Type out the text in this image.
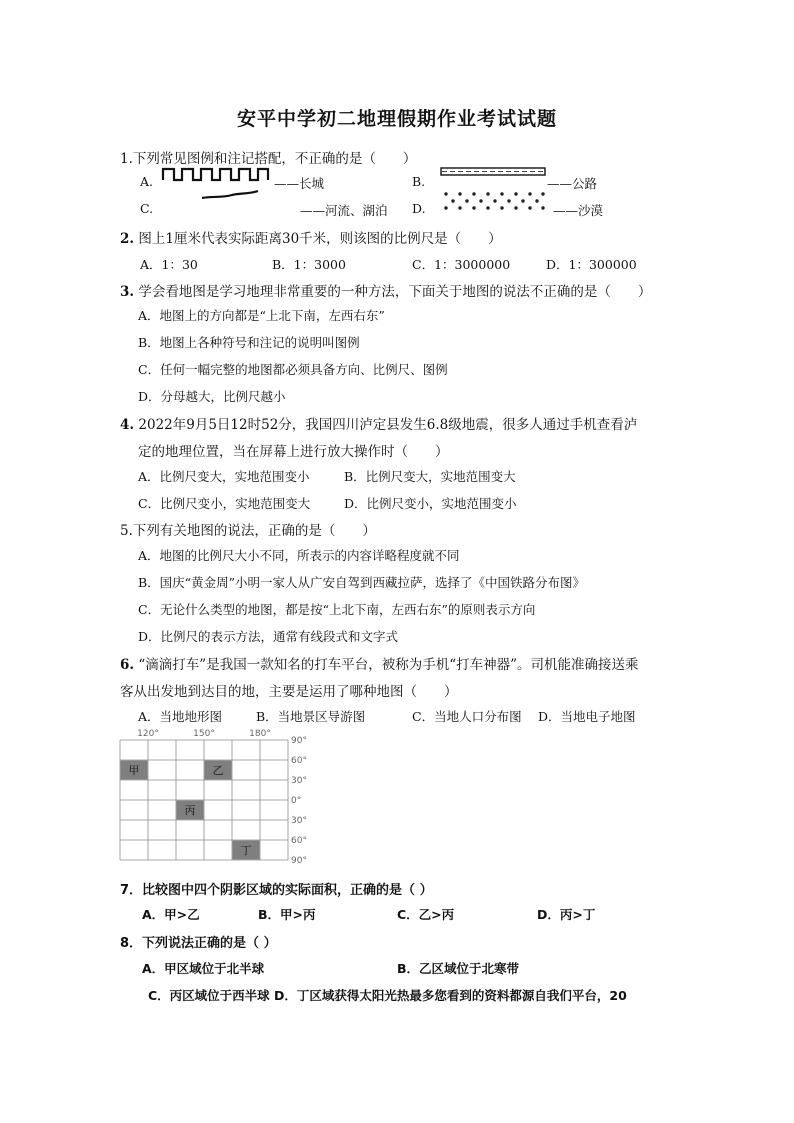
安平中学初二地理假期作业考试试题
1.下列常见图例和注记搭配，不正确的是（　　）
A.	——长城	B.	——公路
C.	——河流、湖泊 D.	——沙漠
2. 图上1厘米代表实际距离30千米，则该图的比例尺是（　　）
A．1：30	B．1：3000	C．1：3000000	D．1：300000
3. 学会看地图是学习地理非常重要的一种方法，下面关于地图的说法不正确的是（　　）
A．地图上的方向都是“上北下南，左西右东”
B．地图上各种符号和注记的说明叫图例
C．任何一幅完整的地图都必须具备方向、比例尺、图例
D．分母越大，比例尺越小
4. 2022年9月5日12时52分，我国四川泸定县发生6.8级地震，很多人通过手机查看泸
定的地理位置，当在屏幕上进行放大操作时（　　）
A．比例尺变大，实地范围变小	B．比例尺变大，实地范围变大
C．比例尺变小，实地范围变大	D．比例尺变小，实地范围变小
5.下列有关地图的说法，正确的是（　　）
A．地图的比例尺大小不同，所表示的内容详略程度就不同
B．国庆“黄金周”小明一家人从广安自驾到西藏拉萨，选择了《中国铁路分布图》
C．无论什么类型的地图，都是按“上北下南，左西右东”的原则表示方向
D．比例尺的表示方法，通常有线段式和文字式
6. “滴滴打车”是我国一款知名的打车平台，被称为手机“打车神器”。司机能准确接送乘
客从出发地到达目的地，主要是运用了哪种地图（　　）
A．当地地形图	B．当地景区导游图	C．当地人口分布图 D．当地电子地图
甲	乙
丙
丁
120°	150°	180°
90°
60°
30°
0°
30°
60°
90°
7．比较图中四个阴影区域的实际面积，正确的是（ ）
A．甲>乙	B．甲>丙	C．乙>丙	D．丙>丁
8．下列说法正确的是（ ）
A．甲区域位于北半球	B．乙区域位于北寒带
C．丙区域位于西半球 D．丁区域获得太阳光热最多您看到的资料都源自我们平台，20
